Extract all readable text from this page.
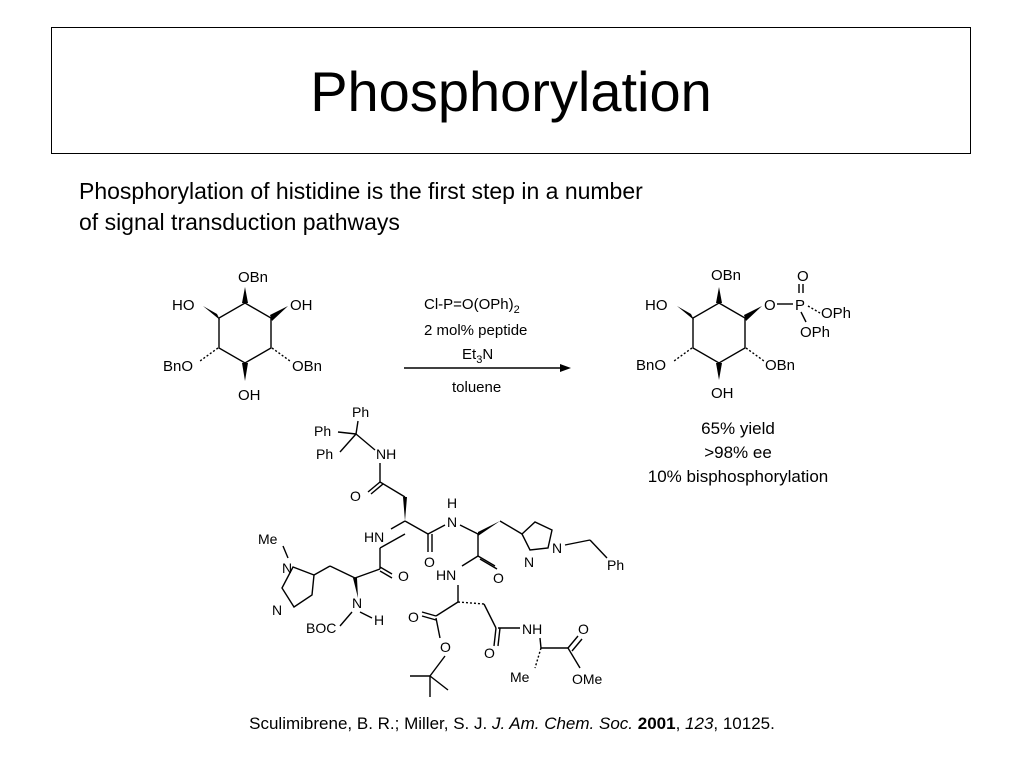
Phosphorylation
Phosphorylation of histidine is the first step in a number
of signal transduction pathways
OBn
HO	OH
BnO	OBn
OH
$Cl-P=O(OPh)_2$
2 mol% peptide
$Et_3N$
toluene
OBn
HO	O P
O
OPh
OPh
BnO	OBn
OH
Ph
Ph
Ph	NH
O
HN
O
H
N
N
N	Ph
O
HN
O
O O
NH
Me
O
OMe
O
N
N
Me
N
H
BOC
65% yield
>98% ee
10% bisphosphorylation
Sculimibrene, B. R.; Miller, S. J. J. Am. Chem. Soc. 2001, 123, 10125.
